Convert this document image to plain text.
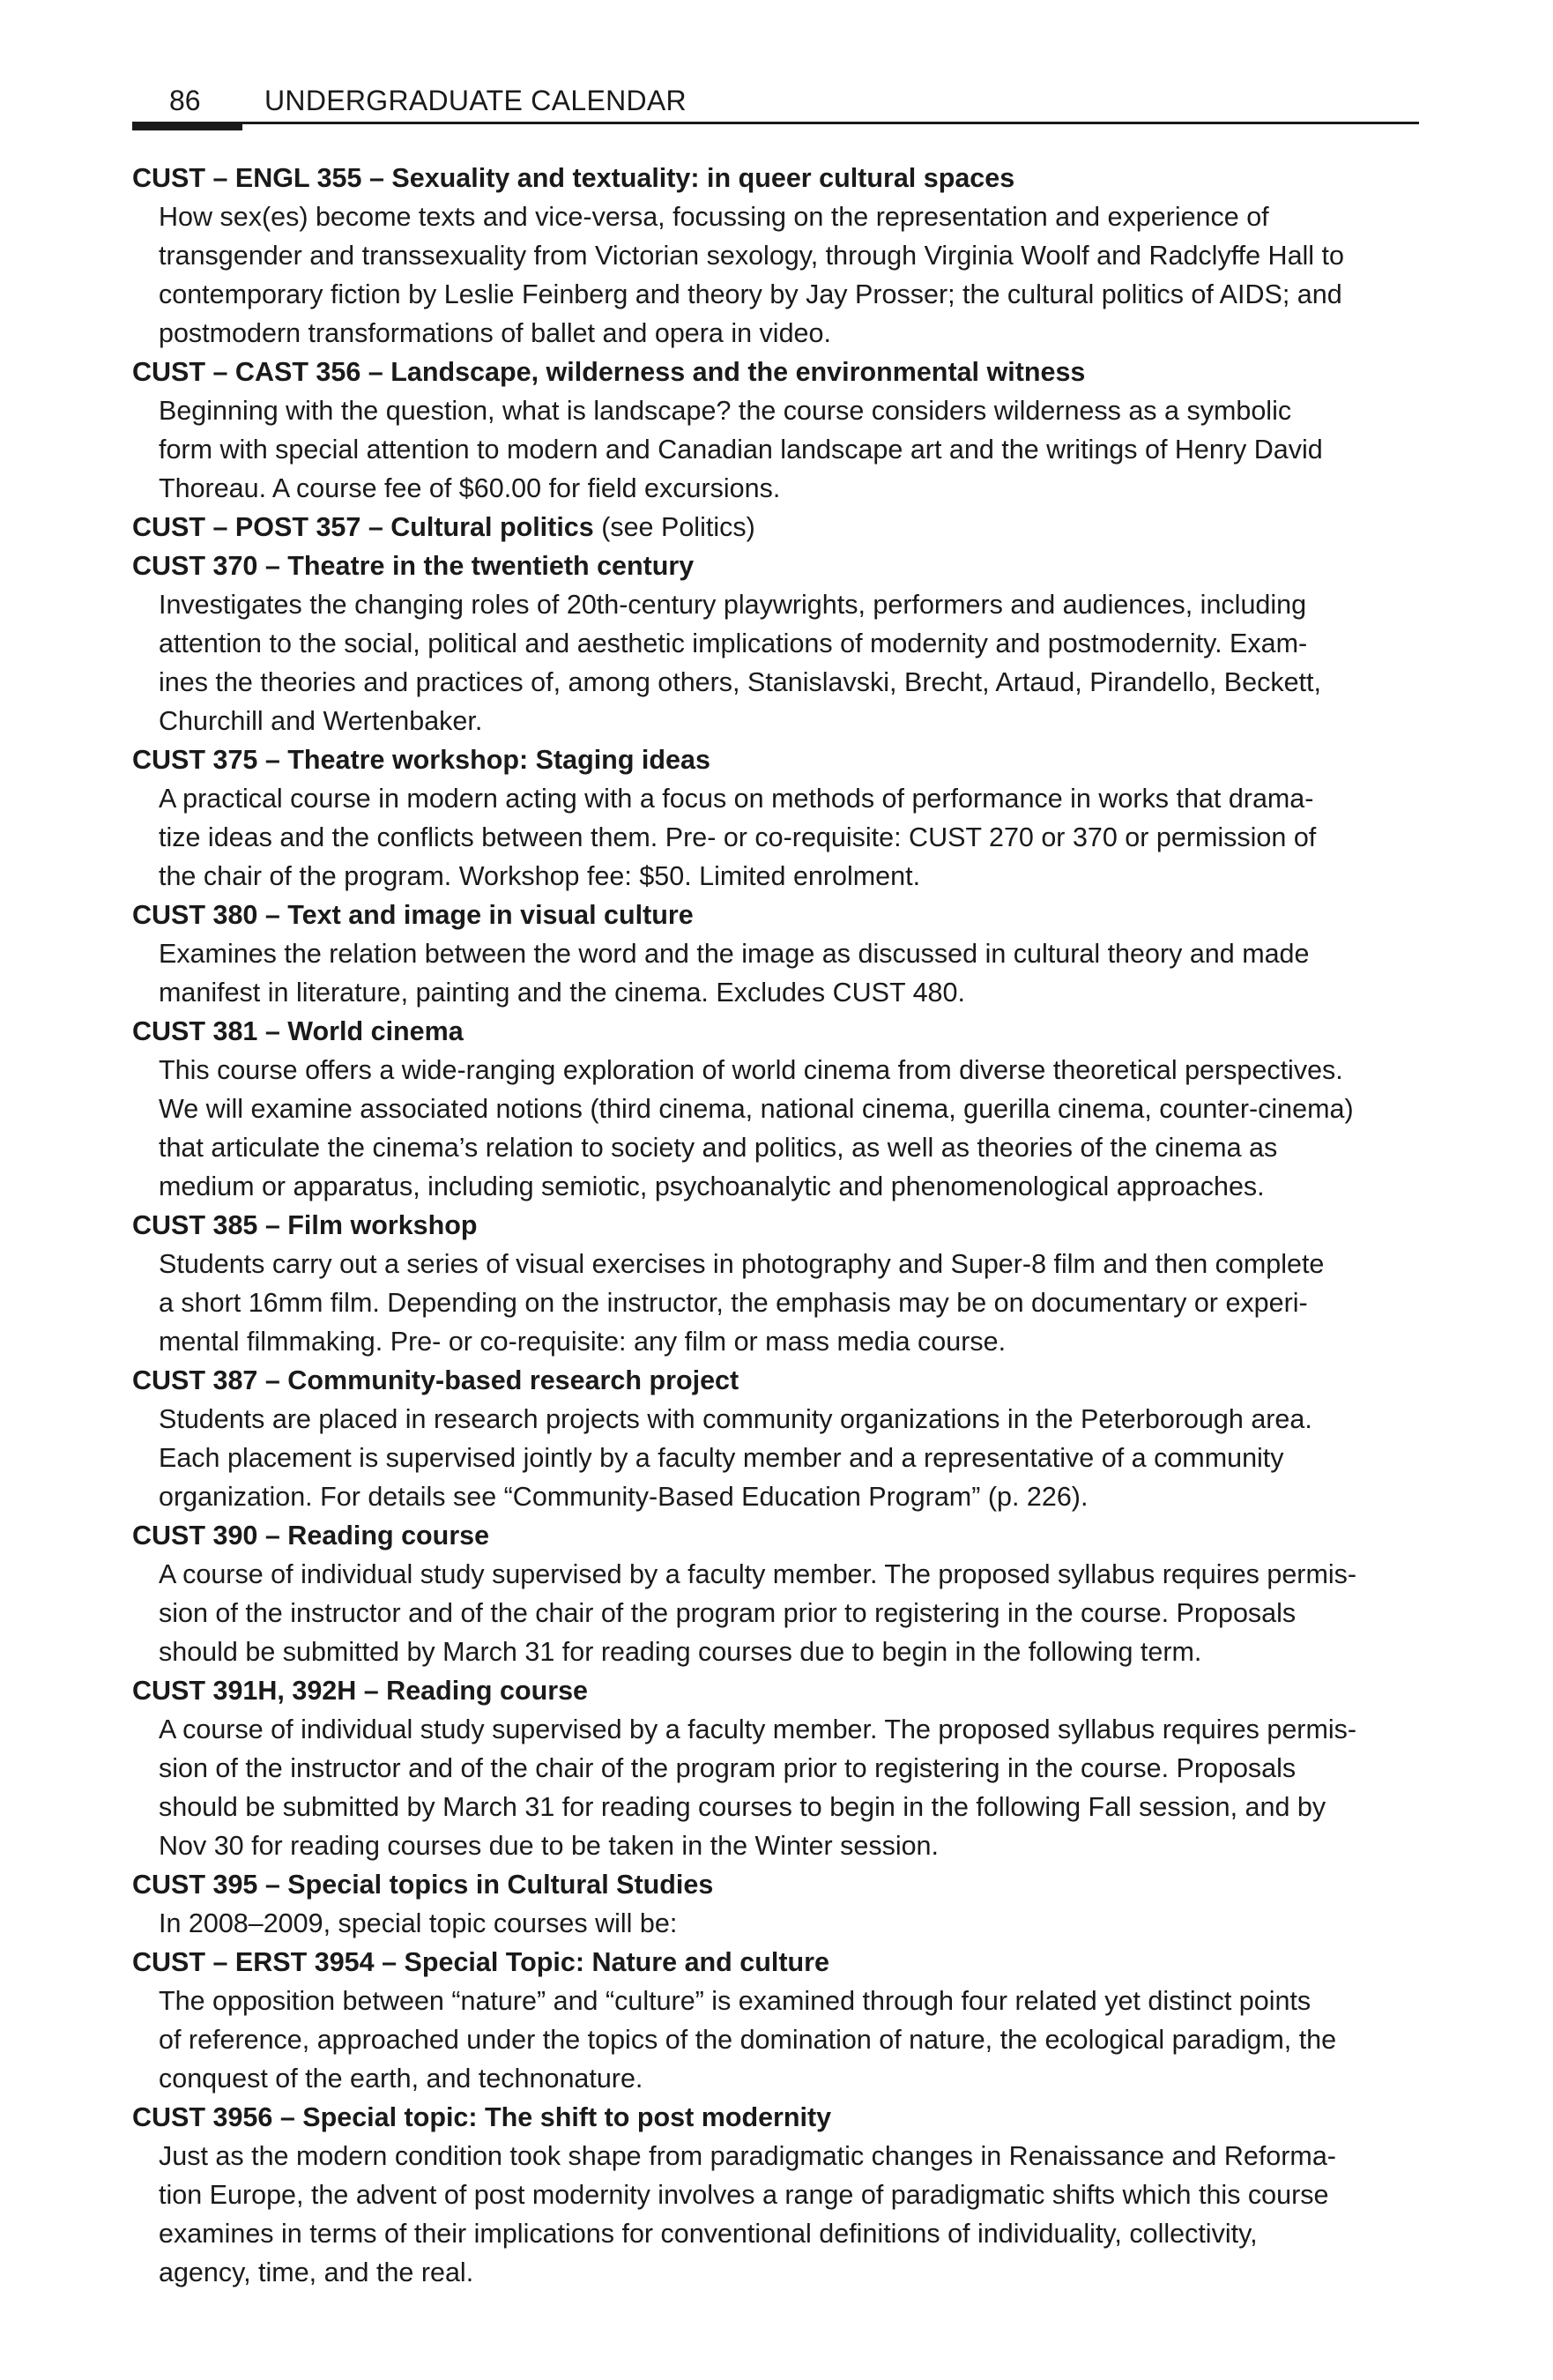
86 UNDERGRADUATE CALENDAR

CUST – ENGL 355 – Sexuality and textuality: in queer cultural spaces

How sex(es) become texts and vice-versa, focussing on the representation and experience of

transgender and transsexuality from Victorian sexology, through Virginia Woolf and Radclyffe Hall to

contemporary fiction by Leslie Feinberg and theory by Jay Prosser; the cultural politics of AIDS; and

postmodern transformations of ballet and opera in video.

CUST – CAST 356 – Landscape, wilderness and the environmental witness

Beginning with the question, what is landscape? the course considers wilderness as a symbolic

form with special attention to modern and Canadian landscape art and the writings of Henry David

Thoreau. A course fee of $60.00 for field excursions.

CUST – POST 357 – Cultural politics (see Politics)

CUST 370 – Theatre in the twentieth century

Investigates the changing roles of 20th-century playwrights, performers and audiences, including

attention to the social, political and aesthetic implications of modernity and postmodernity. Exam-

ines the theories and practices of, among others, Stanislavski, Brecht, Artaud, Pirandello, Beckett,

Churchill and Wertenbaker.

CUST 375 – Theatre workshop: Staging ideas

A practical course in modern acting with a focus on methods of performance in works that drama-

tize ideas and the conflicts between them. Pre- or co-requisite: CUST 270 or 370 or permission of

the chair of the program. Workshop fee: $50. Limited enrolment.

CUST 380 – Text and image in visual culture

Examines the relation between the word and the image as discussed in cultural theory and made

manifest in literature, painting and the cinema. Excludes CUST 480.

CUST 381 – World cinema

This course offers a wide-ranging exploration of world cinema from diverse theoretical perspectives.

We will examine associated notions (third cinema, national cinema, guerilla cinema, counter-cinema)

that articulate the cinema’s relation to society and politics, as well as theories of the cinema as

medium or apparatus, including semiotic, psychoanalytic and phenomenological approaches.

CUST 385 – Film workshop

Students carry out a series of visual exercises in photography and Super-8 film and then complete

a short 16mm film. Depending on the instructor, the emphasis may be on documentary or experi-

mental filmmaking. Pre- or co-requisite: any film or mass media course.

CUST 387 – Community-based research project

Students are placed in research projects with community organizations in the Peterborough area.

Each placement is supervised jointly by a faculty member and a representative of a community

organization. For details see “Community-Based Education Program” (p. 226).

CUST 390 – Reading course

A course of individual study supervised by a faculty member. The proposed syllabus requires permis-

sion of the instructor and of the chair of the program prior to registering in the course. Proposals

should be submitted by March 31 for reading courses due to begin in the following term.

CUST 391H, 392H – Reading course

A course of individual study supervised by a faculty member. The proposed syllabus requires permis-

sion of the instructor and of the chair of the program prior to registering in the course. Proposals

should be submitted by March 31 for reading courses to begin in the following Fall session, and by

Nov 30 for reading courses due to be taken in the Winter session.

CUST 395 – Special topics in Cultural Studies

In 2008–2009, special topic courses will be:

CUST – ERST 3954 – Special Topic: Nature and culture

The opposition between “nature” and “culture” is examined through four related yet distinct points

of reference, approached under the topics of the domination of nature, the ecological paradigm, the

conquest of the earth, and technonature.

CUST 3956 – Special topic: The shift to post modernity

Just as the modern condition took shape from paradigmatic changes in Renaissance and Reforma-

tion Europe, the advent of post modernity involves a range of paradigmatic shifts which this course

examines in terms of their implications for conventional definitions of individuality, collectivity,

agency, time, and the real.
